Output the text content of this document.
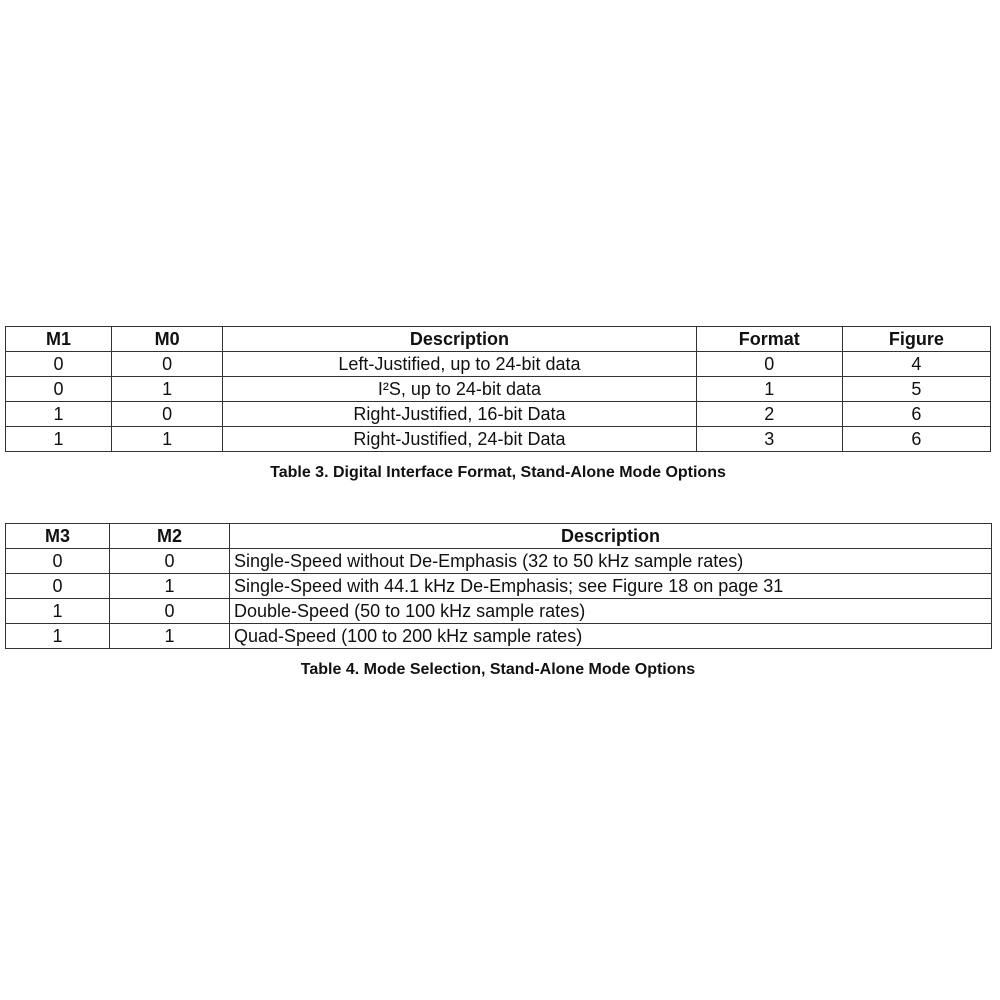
M1	M0	Description	Format	Figure
0	0	Left-Justified, up to 24-bit data	0	4
0	1	I²S, up to 24-bit data	1	5
1	0	Right-Justified, 16-bit Data	2	6
1	1	Right-Justified, 24-bit Data	3	6
Table 3. Digital Interface Format, Stand-Alone Mode Options
M3	M2	Description
0	0	Single-Speed without De-Emphasis (32 to 50 kHz sample rates)
0	1	Single-Speed with 44.1 kHz De-Emphasis; see Figure 18 on page 31
1	0	Double-Speed (50 to 100 kHz sample rates)
1	1	Quad-Speed (100 to 200 kHz sample rates)
Table 4. Mode Selection, Stand-Alone Mode Options
